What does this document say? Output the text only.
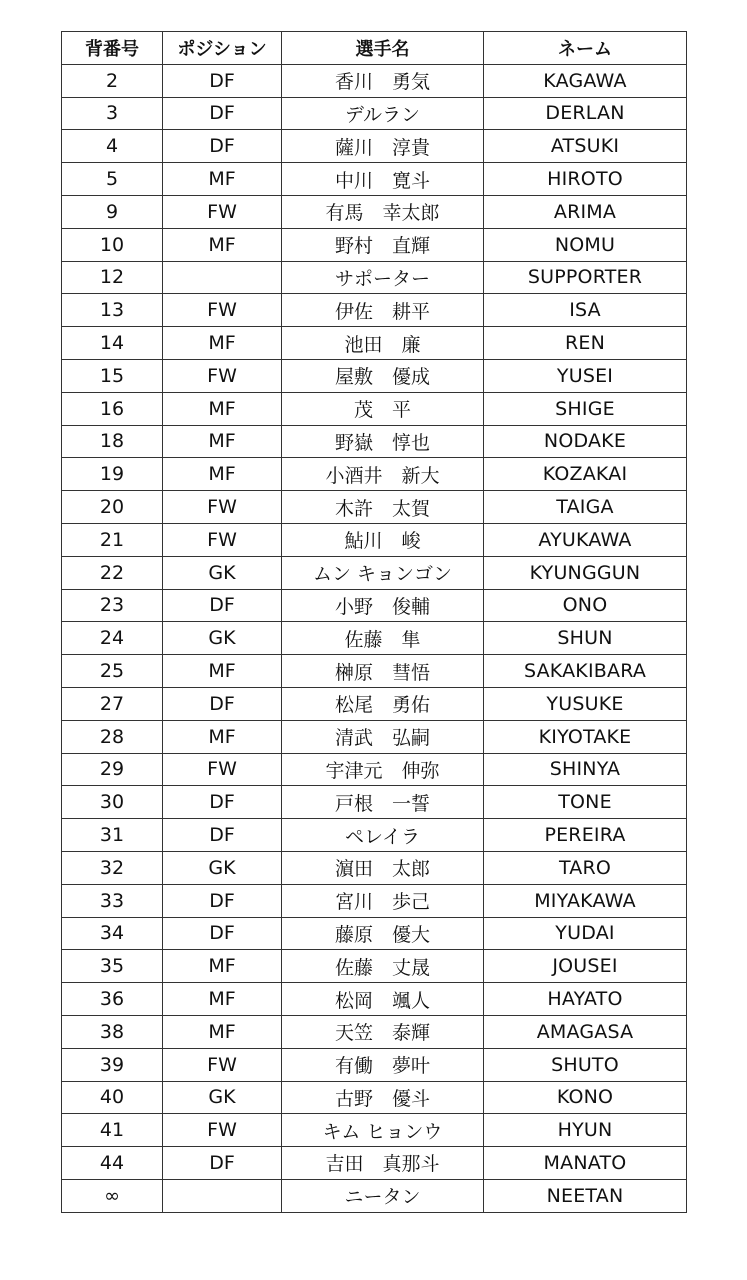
背番号	ポジション	選手名	ネーム
2	DF	香川　勇気	KAGAWA
3	DF	デルラン	DERLAN
4	DF	薩川　淳貴	ATSUKI
5	MF	中川　寛斗	HIROTO
9	FW	有馬　幸太郎	ARIMA
10	MF	野村　直輝	NOMU
12		サポーター	SUPPORTER
13	FW	伊佐　耕平	ISA
14	MF	池田　廉	REN
15	FW	屋敷　優成	YUSEI
16	MF	茂　平	SHIGE
18	MF	野嶽　惇也	NODAKE
19	MF	小酒井　新大	KOZAKAI
20	FW	木許　太賀	TAIGA
21	FW	鮎川　峻	AYUKAWA
22	GK	ムン キョンゴン	KYUNGGUN
23	DF	小野　俊輔	ONO
24	GK	佐藤　隼	SHUN
25	MF	榊原　彗悟	SAKAKIBARA
27	DF	松尾　勇佑	YUSUKE
28	MF	清武　弘嗣	KIYOTAKE
29	FW	宇津元　伸弥	SHINYA
30	DF	戸根　一誓	TONE
31	DF	ペレイラ	PEREIRA
32	GK	濵田　太郎	TARO
33	DF	宮川　歩己	MIYAKAWA
34	DF	藤原　優大	YUDAI
35	MF	佐藤　丈晟	JOUSEI
36	MF	松岡　颯人	HAYATO
38	MF	天笠　泰輝	AMAGASA
39	FW	有働　夢叶	SHUTO
40	GK	古野　優斗	KONO
41	FW	キム ヒョンウ	HYUN
44	DF	吉田　真那斗	MANATO
∞		ニータン	NEETAN
